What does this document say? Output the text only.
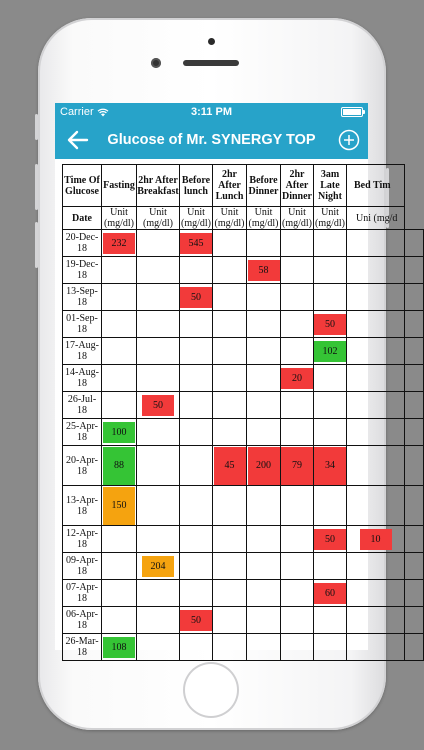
Carrier	3:11 PM
Glucose of Mr. SYNERGY TOP
Time Of Glucose	Fasting	2hr After Breakfast	Before lunch	2hr After Lunch	Before Dinner	2hr After Dinner	3am Late Night	Bed Tim	
Date	Unit (mg/dl)	Unit (mg/dl)	Unit (mg/dl)	Unit (mg/dl)	Unit (mg/dl)	Unit (mg/dl)	Unit (mg/dl)	Uni (mg/d	
20-Dec-18	232		545						

19-Dec-18					58				

13-Sep-18			50						

01-Sep-18							50		

17-Aug-18							102		

14-Aug-18						20			

26-Jul-18		50							

25-Apr-18	100								

20-Apr-18	88			45	200	79	34		

13-Apr-18	150								

12-Apr-18							50	10	

09-Apr-18		204							

07-Apr-18							60		

06-Apr-18			50						

26-Mar-18	108								
